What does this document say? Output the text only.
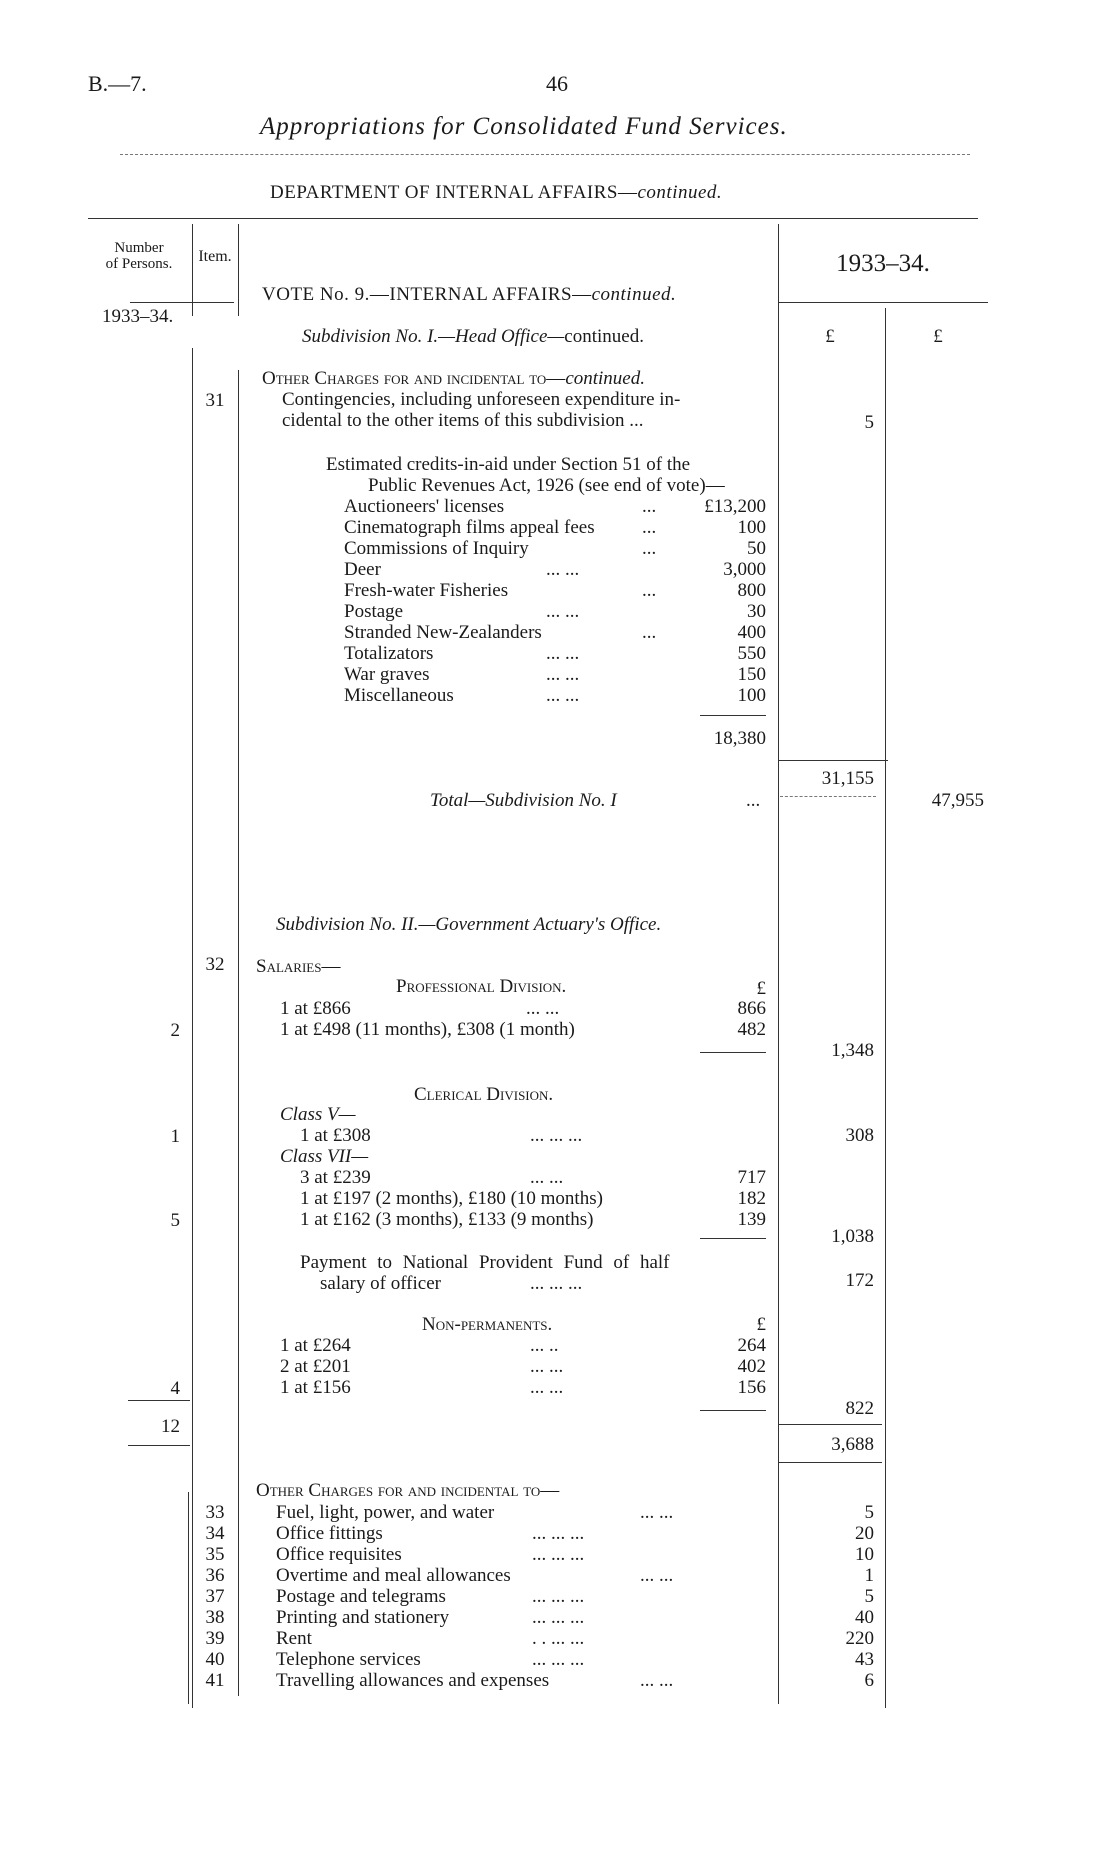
B.—7.	46
Appropriations for Consolidated Fund Services.
DEPARTMENT OF INTERNAL AFFAIRS—continued.
Number
of Persons.	Item.	1933–34.
1933–34.
VOTE No. 9.—INTERNAL AFFAIRS—continued.
Subdivision No. I.—Head Office—continued.	£	£
Other Charges for and incidental to—continued.
31	Contingencies, including unforeseen expenditure in-
cidental to the other items of this subdivision ...	5
Estimated credits-in-aid under Section 51 of the
Public Revenues Act, 1926 (see end of vote)—
Auctioneers' licenses	...	£13,200
Cinematograph films appeal fees ...	100
Commissions of Inquiry	...	50
Deer	... ...	3,000
Fresh-water Fisheries	...	800
Postage	... ...	30
Stranded New-Zealanders	...	400
Totalizators	... ...	550
War graves	... ...	150
Miscellaneous	... ...	100
18,380
31,155
Total—Subdivision No. I	...	47,955
Subdivision No. II.—Government Actuary's Office.
32	Salaries—
Professional Division.	£
1 at £866	... ...	866
2	1 at £498 (11 months), £308 (1 month)	482
1,348
Clerical Division.
Class V—
1	1 at £308	... ... ...	308
Class VII—
3 at £239	... ...	717
1 at £197 (2 months), £180 (10 months)	182
5	1 at £162 (3 months), £133 (9 months)	139
1,038
Payment to National Provident Fund of half
salary of officer	... ... ...	172
Non-permanents.	£
1 at £264	... ..	264
2 at £201	... ...	402
4	1 at £156	... ...	156
822
12
3,688
Other Charges for and incidental to—
33	Fuel, light, power, and water	... ...	5
34	Office fittings	... ... ...	20
35	Office requisites	... ... ...	10
36	Overtime and meal allowances	... ...	1
37	Postage and telegrams	... ... ...	5
38	Printing and stationery	... ... ...	40
39	Rent	. . ... ...	220
40	Telephone services	... ... ...	43
41	Travelling allowances and expenses	... ...	6
